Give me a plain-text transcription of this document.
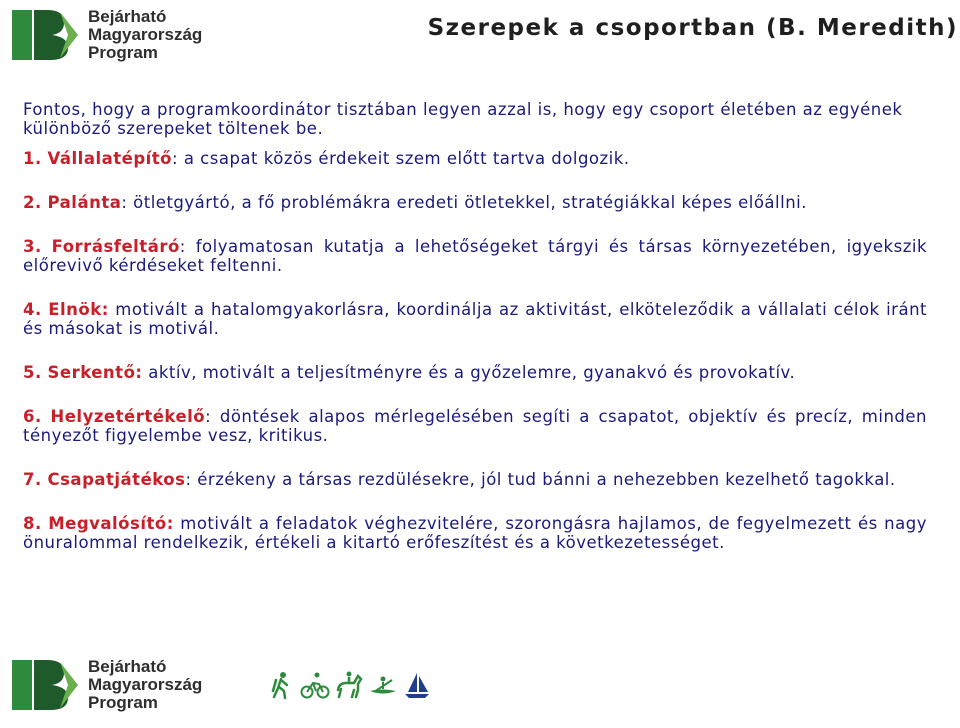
Bejárható
Magyarország
Program
Szerepek a csoportban (B. Meredith)

Fontos, hogy a programkoordinátor tisztában legyen azzal is, hogy egy csoport életében az egyének különböző szerepeket töltenek be.

1. Vállalatépítő: a csapat közös érdekeit szem előtt tartva dolgozik.

2. Palánta: ötletgyártó, a fő problémákra eredeti ötletekkel, stratégiákkal képes előállni.

3. Forrásfeltáró: folyamatosan kutatja a lehetőségeket tárgyi és társas környezetében, igyekszik előrevivő kérdéseket feltenni.

4. Elnök: motivált a hatalomgyakorlásra, koordinálja az aktivitást, elköteleződik a vállalati célok iránt és másokat is motivál.

5. Serkentő: aktív, motivált a teljesítményre és a győzelemre, gyanakvó és provokatív.

6. Helyzetértékelő: döntések alapos mérlegelésében segíti a csapatot, objektív és precíz, minden tényezőt figyelembe vesz, kritikus.

7. Csapatjátékos: érzékeny a társas rezdülésekre, jól tud bánni a nehezebben kezelhető tagokkal.

8. Megvalósító: motivált a feladatok véghezvitelére, szorongásra hajlamos, de fegyelmezett és nagy önuralommal rendelkezik, értékeli a kitartó erőfeszítést és a következetességet.

Bejárható
Magyarország
Program
